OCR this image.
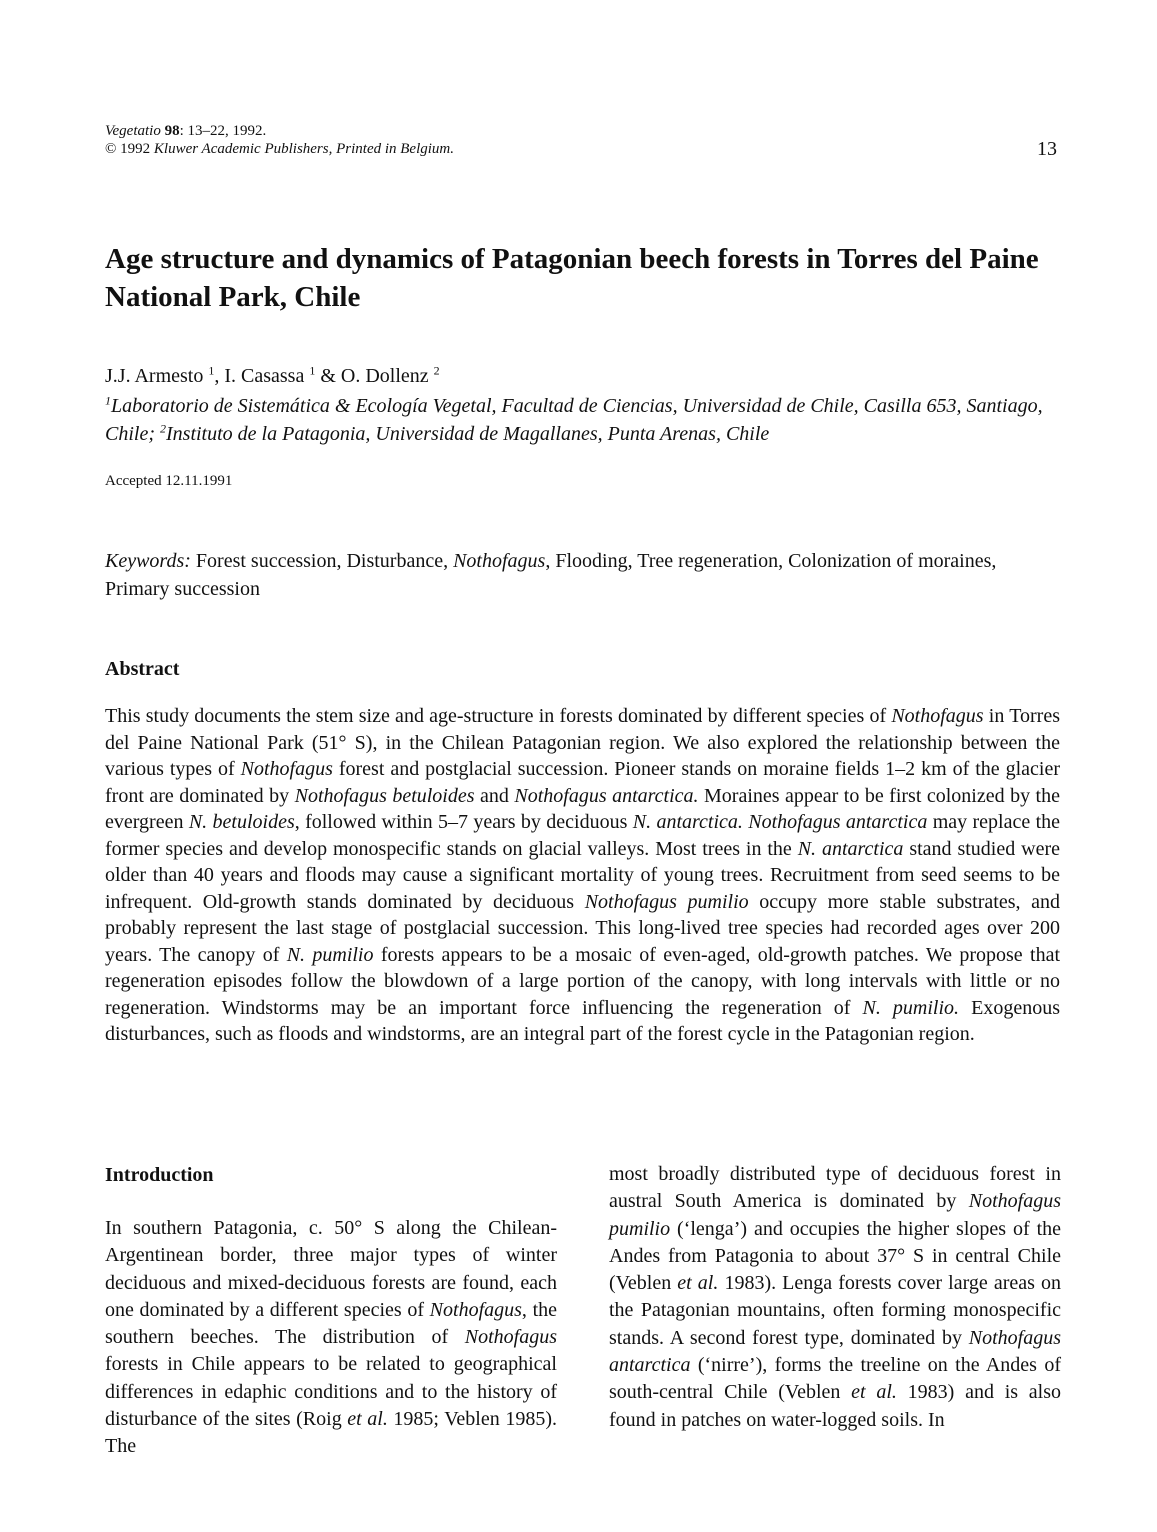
Vegetatio 98: 13–22, 1992.
© 1992 Kluwer Academic Publishers, Printed in Belgium.	13
Age structure and dynamics of Patagonian beech forests in Torres del Paine National Park, Chile
J.J. Armesto $^1$, I. Casassa $^1$ & O. Dollenz $^2$
$^1$Laboratorio de Sistemática & Ecología Vegetal, Facultad de Ciencias, Universidad de Chile, Casilla 653, Santiago, Chile; $^2$Instituto de la Patagonia, Universidad de Magallanes, Punta Arenas, Chile
Accepted 12.11.1991
Keywords: Forest succession, Disturbance, Nothofagus, Flooding, Tree regeneration, Colonization of moraines, Primary succession
Abstract

This study documents the stem size and age-structure in forests dominated by different species of Nothofagus in Torres del Paine National Park (51° S), in the Chilean Patagonian region. We also explored the relationship between the various types of Nothofagus forest and postglacial succession. Pioneer stands on moraine fields 1–2 km of the glacier front are dominated by Nothofagus betuloides and Nothofagus antarctica. Moraines appear to be first colonized by the evergreen N. betuloides, followed within 5–7 years by deciduous N. antarctica. Nothofagus antarctica may replace the former species and develop monospecific stands on glacial valleys. Most trees in the N. antarctica stand studied were older than 40 years and floods may cause a significant mortality of young trees. Recruitment from seed seems to be infrequent. Old-growth stands dominated by deciduous Nothofagus pumilio occupy more stable substrates, and probably represent the last stage of postglacial succession. This long-lived tree species had recorded ages over 200 years. The canopy of N. pumilio forests appears to be a mosaic of even-aged, old-growth patches. We propose that regeneration episodes follow the blowdown of a large portion of the canopy, with long intervals with little or no regeneration. Windstorms may be an important force influencing the regeneration of N. pumilio. Exogenous disturbances, such as floods and windstorms, are an integral part of the forest cycle in the Patagonian region.

Introduction

In southern Patagonia, c. 50° S along the Chilean-Argentinean border, three major types of winter deciduous and mixed-deciduous forests are found, each one dominated by a different species of Nothofagus, the southern beeches. The distribution of Nothofagus forests in Chile appears to be related to geographical differences in edaphic conditions and to the history of disturbance of the sites (Roig et al. 1985; Veblen 1985). The

most broadly distributed type of deciduous forest in austral South America is dominated by Nothofagus pumilio (‘lenga’) and occupies the higher slopes of the Andes from Patagonia to about 37° S in central Chile (Veblen et al. 1983). Lenga forests cover large areas on the Patagonian mountains, often forming monospecific stands. A second forest type, dominated by Nothofagus antarctica (‘nirre’), forms the treeline on the Andes of south-central Chile (Veblen et al. 1983) and is also found in patches on water-logged soils. In
